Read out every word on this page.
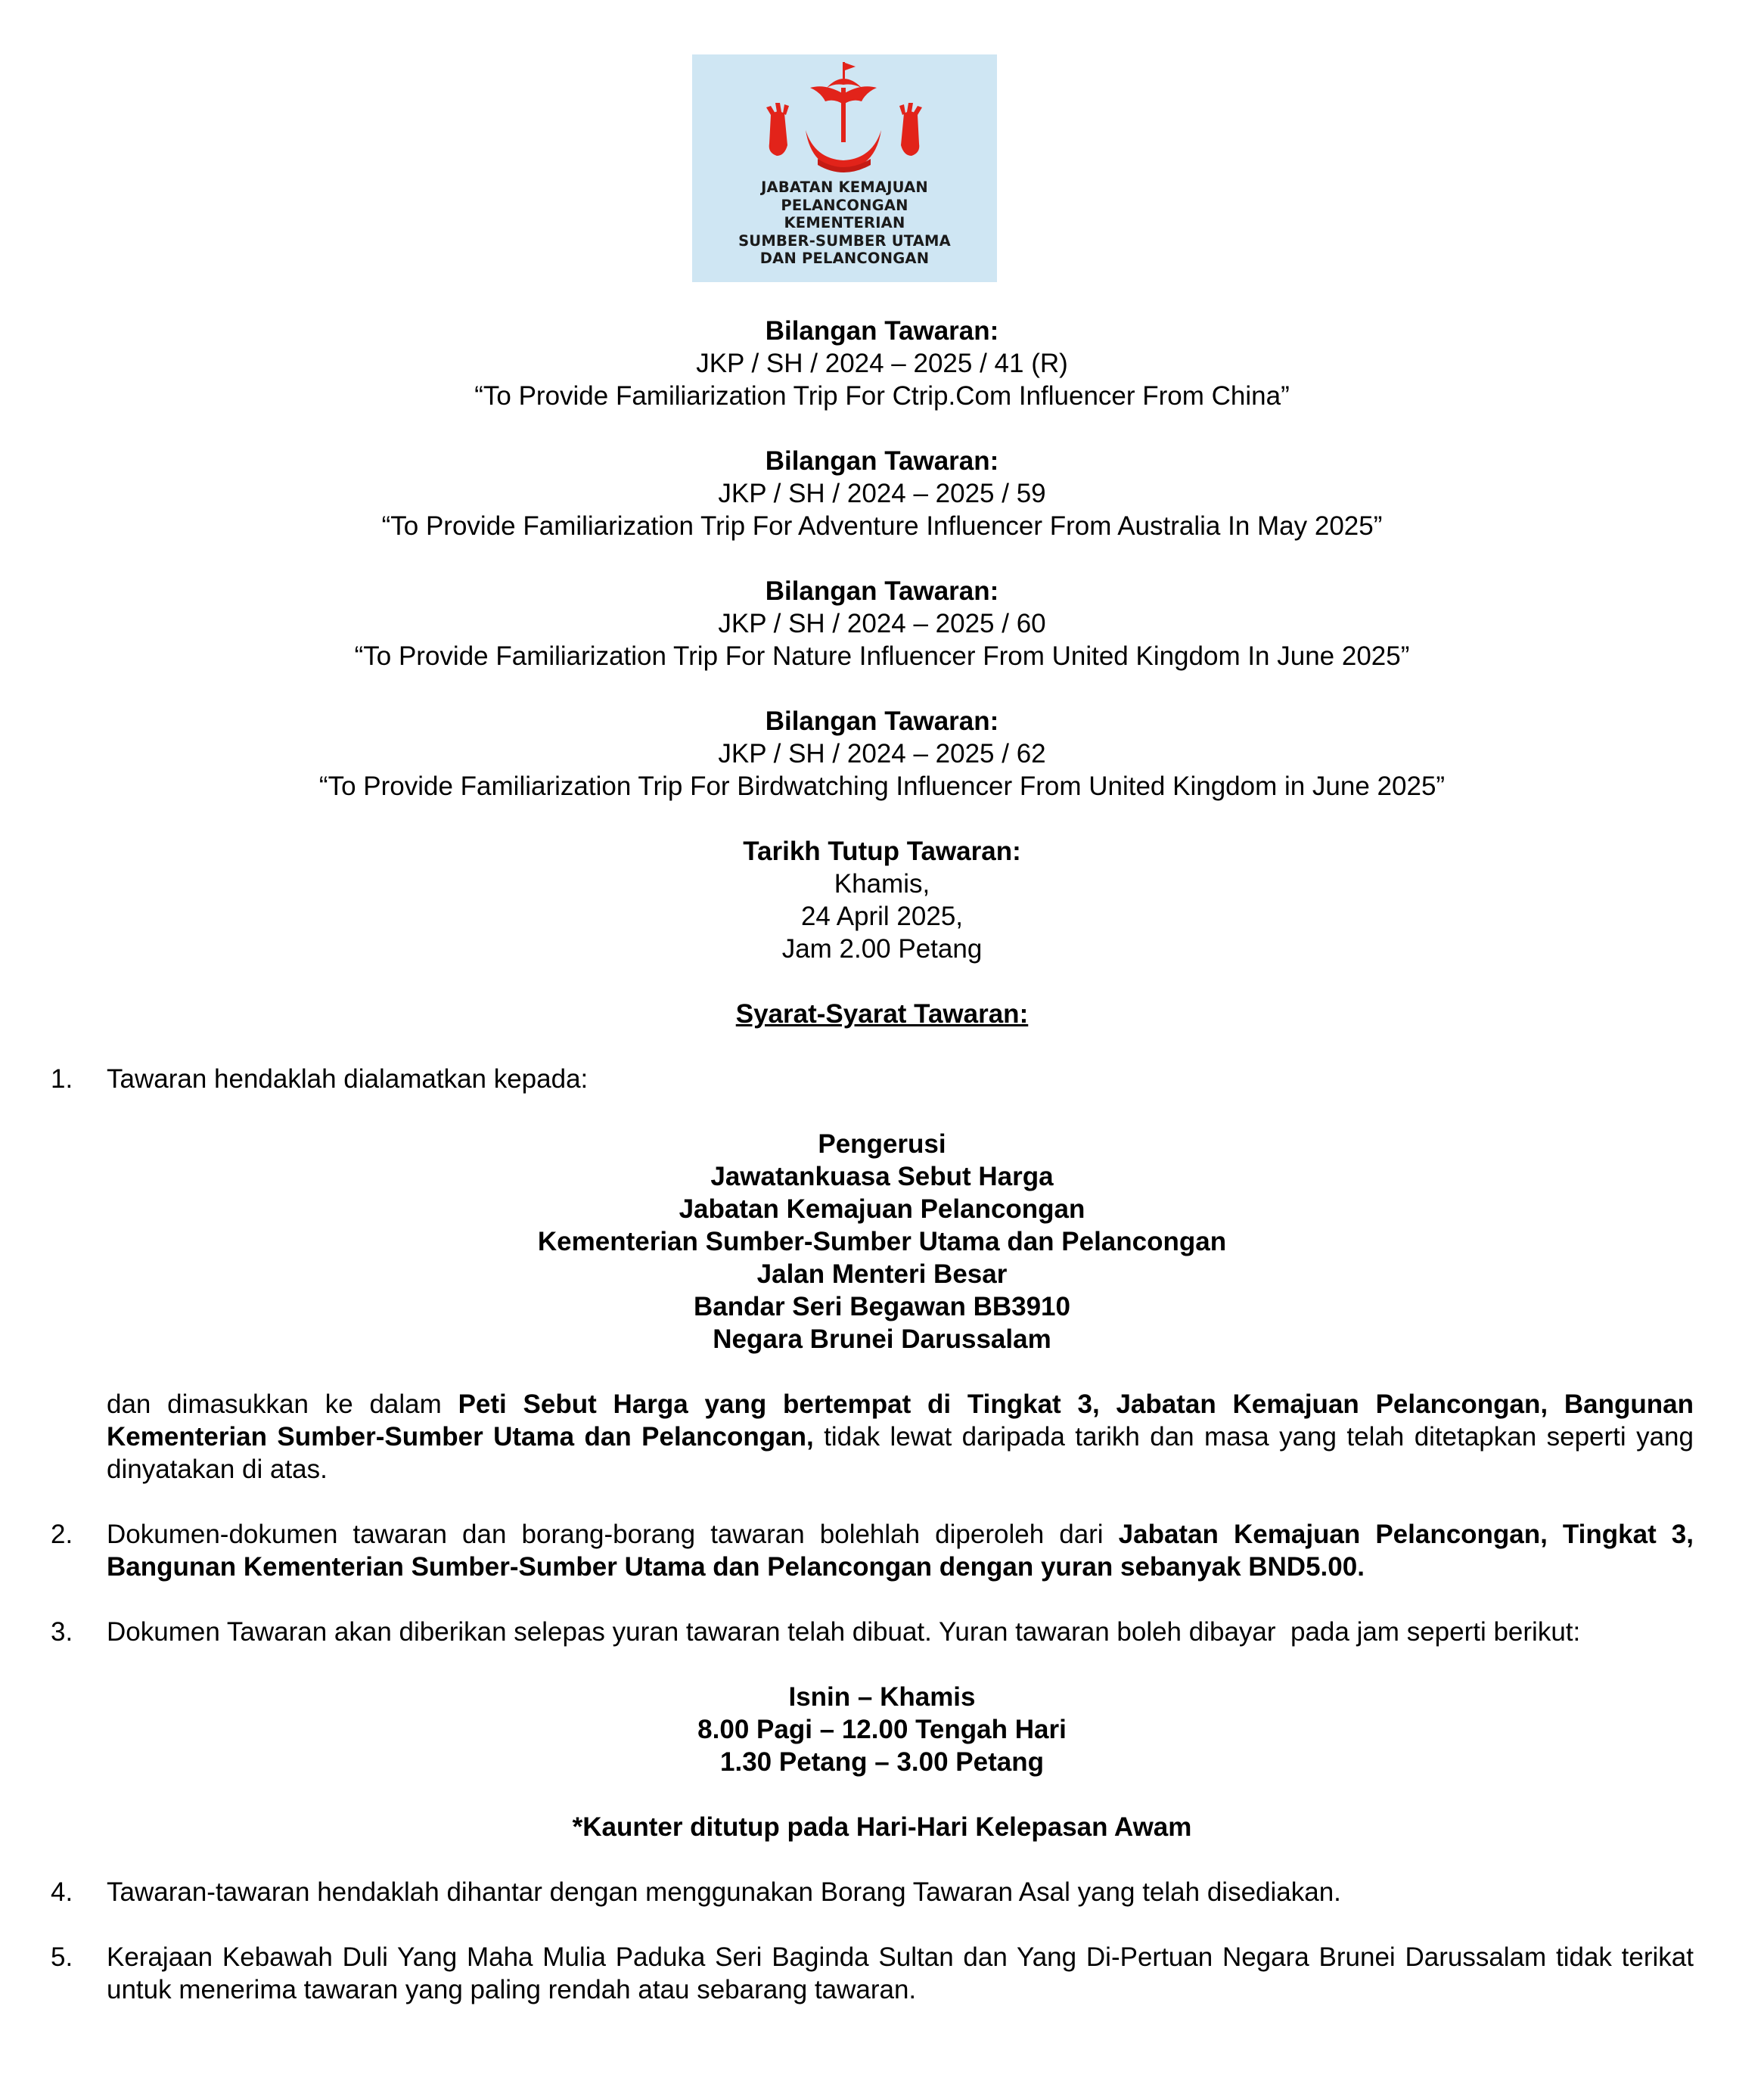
JABATAN KEMAJUAN
PELANCONGAN
KEMENTERIAN
SUMBER-SUMBER UTAMA
DAN PELANCONGAN
Bilangan Tawaran:
JKP / SH / 2024 – 2025 / 41 (R)
“To Provide Familiarization Trip For Ctrip.Com Influencer From China”
Bilangan Tawaran:
JKP / SH / 2024 – 2025 / 59
“To Provide Familiarization Trip For Adventure Influencer From Australia In May 2025”
Bilangan Tawaran:
JKP / SH / 2024 – 2025 / 60
“To Provide Familiarization Trip For Nature Influencer From United Kingdom In June 2025”
Bilangan Tawaran:
JKP / SH / 2024 – 2025 / 62
“To Provide Familiarization Trip For Birdwatching Influencer From United Kingdom in June 2025”
Tarikh Tutup Tawaran:
Khamis,
24 April 2025,
Jam 2.00 Petang
Syarat-Syarat Tawaran:
1. Tawaran hendaklah dialamatkan kepada:
Pengerusi
Jawatankuasa Sebut Harga
Jabatan Kemajuan Pelancongan
Kementerian Sumber-Sumber Utama dan Pelancongan
Jalan Menteri Besar
Bandar Seri Begawan BB3910
Negara Brunei Darussalam
dan dimasukkan ke dalam Peti Sebut Harga yang bertempat di Tingkat 3, Jabatan Kemajuan Pelancongan, Bangunan Kementerian Sumber-Sumber Utama dan Pelancongan, tidak lewat daripada tarikh dan masa yang telah ditetapkan seperti yang dinyatakan di atas.
2. Dokumen-dokumen tawaran dan borang-borang tawaran bolehlah diperoleh dari Jabatan Kemajuan Pelancongan, Tingkat 3, Bangunan Kementerian Sumber-Sumber Utama dan Pelancongan dengan yuran sebanyak BND5.00.
3. Dokumen Tawaran akan diberikan selepas yuran tawaran telah dibuat. Yuran tawaran boleh dibayar  pada jam seperti berikut:
Isnin – Khamis
8.00 Pagi – 12.00 Tengah Hari
1.30 Petang – 3.00 Petang
*Kaunter ditutup pada Hari-Hari Kelepasan Awam
4. Tawaran-tawaran hendaklah dihantar dengan menggunakan Borang Tawaran Asal yang telah disediakan.
5. Kerajaan Kebawah Duli Yang Maha Mulia Paduka Seri Baginda Sultan dan Yang Di-Pertuan Negara Brunei Darussalam tidak terikat untuk menerima tawaran yang paling rendah atau sebarang tawaran.
